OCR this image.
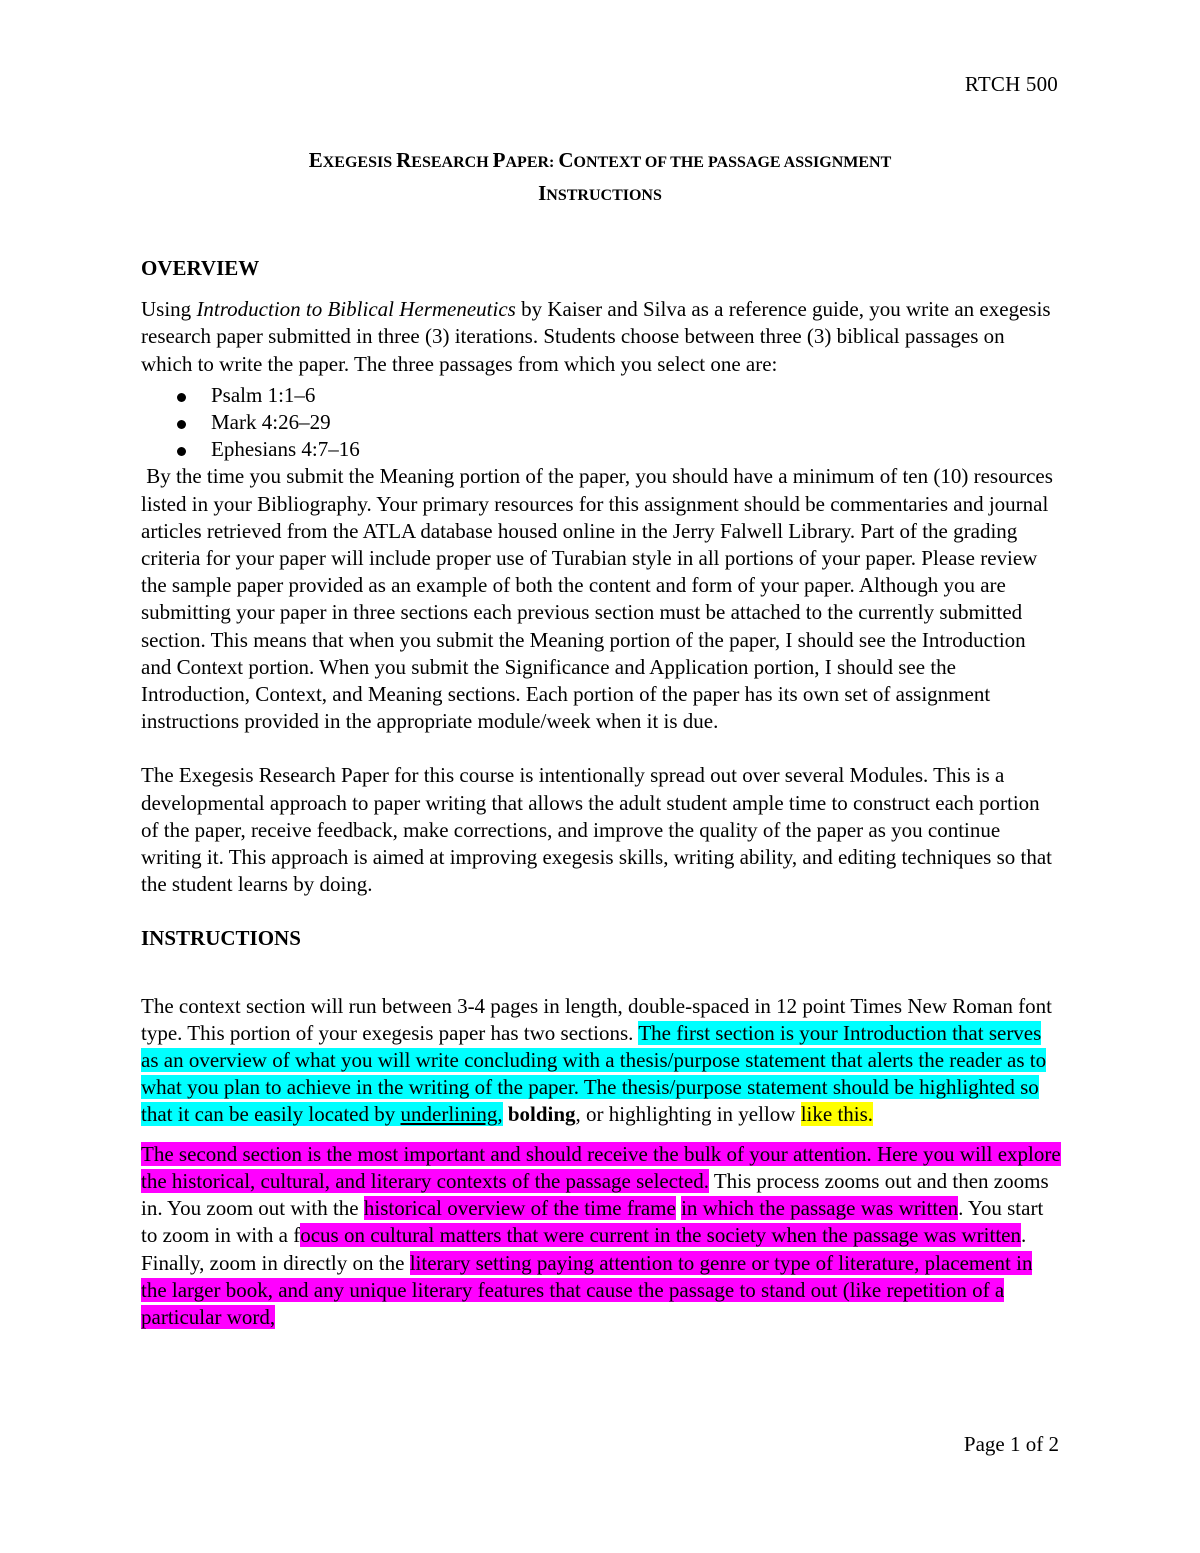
RTCH 500
EXEGESIS RESEARCH PAPER: CONTEXT OF THE PASSAGE ASSIGNMENT
INSTRUCTIONS

OVERVIEW

Using Introduction to Biblical Hermeneutics by Kaiser and Silva as a reference guide, you write an exegesis research paper submitted in three (3) iterations. Students choose between three (3) biblical passages on which to write the paper. The three passages from which you select one are:

Psalm 1:1–6
Mark 4:26–29
Ephesians 4:7–16

By the time you submit the Meaning portion of the paper, you should have a minimum of ten (10) resources listed in your Bibliography. Your primary resources for this assignment should be commentaries and journal articles retrieved from the ATLA database housed online in the Jerry Falwell Library. Part of the grading criteria for your paper will include proper use of Turabian style in all portions of your paper. Please review the sample paper provided as an example of both the content and form of your paper. Although you are submitting your paper in three sections each previous section must be attached to the currently submitted section. This means that when you submit the Meaning portion of the paper, I should see the Introduction and Context portion. When you submit the Significance and Application portion, I should see the Introduction, Context, and Meaning sections. Each portion of the paper has its own set of assignment instructions provided in the appropriate module/week when it is due.

The Exegesis Research Paper for this course is intentionally spread out over several Modules. This is a developmental approach to paper writing that allows the adult student ample time to construct each portion of the paper, receive feedback, make corrections, and improve the quality of the paper as you continue writing it. This approach is aimed at improving exegesis skills, writing ability, and editing techniques so that the student learns by doing.

INSTRUCTIONS

The context section will run between 3-4 pages in length, double-spaced in 12 point Times New Roman font type. This portion of your exegesis paper has two sections. The first section is your Introduction that serves as an overview of what you will write concluding with a thesis/purpose statement that alerts the reader as to what you plan to achieve in the writing of the paper. The thesis/purpose statement should be highlighted so that it can be easily located by underlining, bolding, or highlighting in yellow like this.

The second section is the most important and should receive the bulk of your attention. Here you will explore the historical, cultural, and literary contexts of the passage selected. This process zooms out and then zooms in. You zoom out with the historical overview of the time frame in which the passage was written. You start to zoom in with a focus on cultural matters that were current in the society when the passage was written. Finally, zoom in directly on the literary setting paying attention to genre or type of literature, placement in the larger book, and any unique literary features that cause the passage to stand out (like repetition of a particular word,

Page 1 of 2
